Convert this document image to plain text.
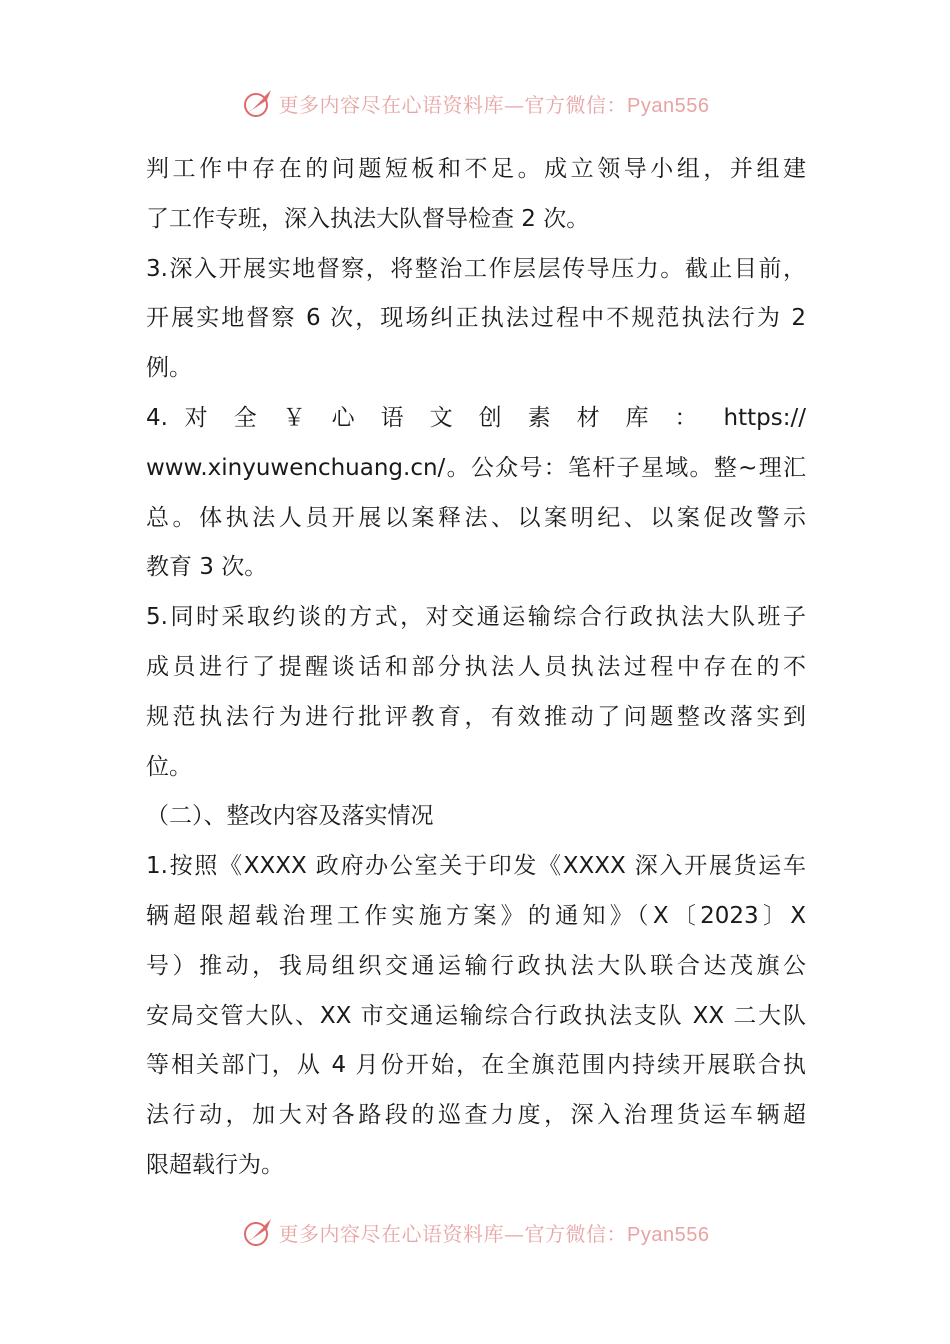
更多内容尽在心语资料库—官方微信：Pyan556
判工作中存在的问题短板和不足。成立领导小组，并组建
了工作专班，深入执法大队督导检查 2 次。
3.深入开展实地督察，将整治工作层层传导压力。截止目前，
开展实地督察 6 次，现场纠正执法过程中不规范执法行为 2
例。
4. 对 全 ￥ 心 语 文 创 素 材 库 ： https://
www.xinyuwenchuang.cn/。公众号：笔杆子星域。整~理汇
总。体执法人员开展以案释法、以案明纪、以案促改警示
教育 3 次。
5.同时采取约谈的方式，对交通运输综合行政执法大队班子
成员进行了提醒谈话和部分执法人员执法过程中存在的不
规范执法行为进行批评教育，有效推动了问题整改落实到
位。
（二）、整改内容及落实情况
1.按照《XXXX 政府办公室关于印发《XXXX 深入开展货运车
辆超限超载治理工作实施方案》的通知》（X〔2023〕X
号）推动，我局组织交通运输行政执法大队联合达茂旗公
安局交管大队、XX 市交通运输综合行政执法支队 XX 二大队
等相关部门，从 4 月份开始，在全旗范围内持续开展联合执
法行动，加大对各路段的巡查力度，深入治理货运车辆超
限超载行为。
更多内容尽在心语资料库—官方微信：Pyan556
